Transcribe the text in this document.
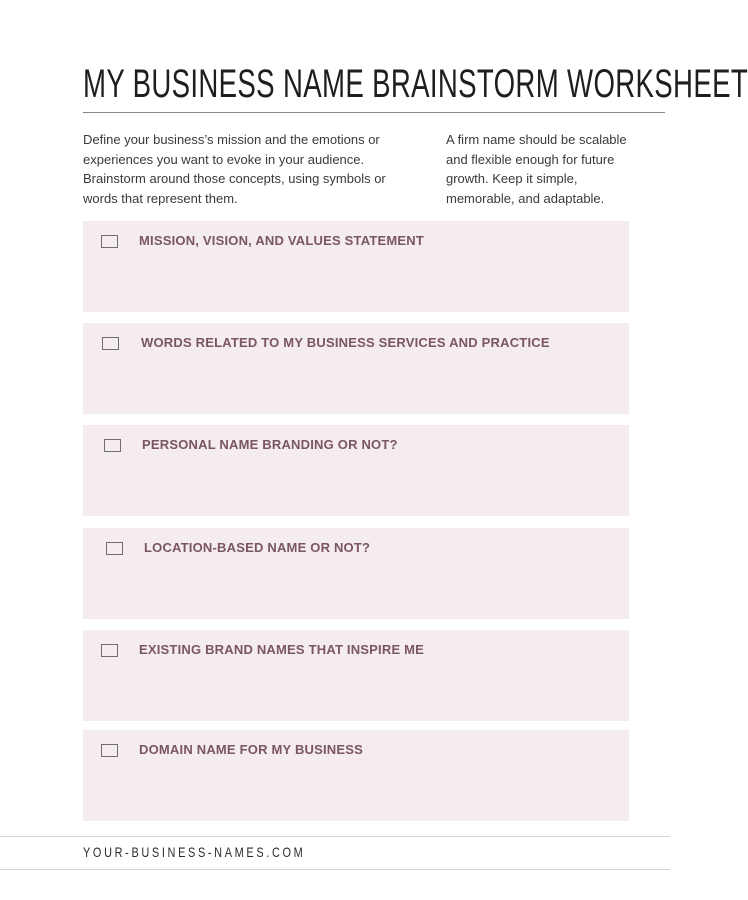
MY BUSINESS NAME BRAINSTORM WORKSHEET

Define your business’s mission and the emotions or experiences you want to evoke in your audience. Brainstorm around those concepts, using symbols or words that represent them.

A firm name should be scalable and flexible enough for future growth. Keep it simple, memorable, and adaptable.

MISSION, VISION, AND VALUES STATEMENT

WORDS RELATED TO MY BUSINESS SERVICES AND PRACTICE

PERSONAL NAME BRANDING OR NOT?

LOCATION-BASED NAME OR NOT?

EXISTING BRAND NAMES THAT INSPIRE ME

DOMAIN NAME FOR MY BUSINESS

YOUR-BUSINESS-NAMES.COM
